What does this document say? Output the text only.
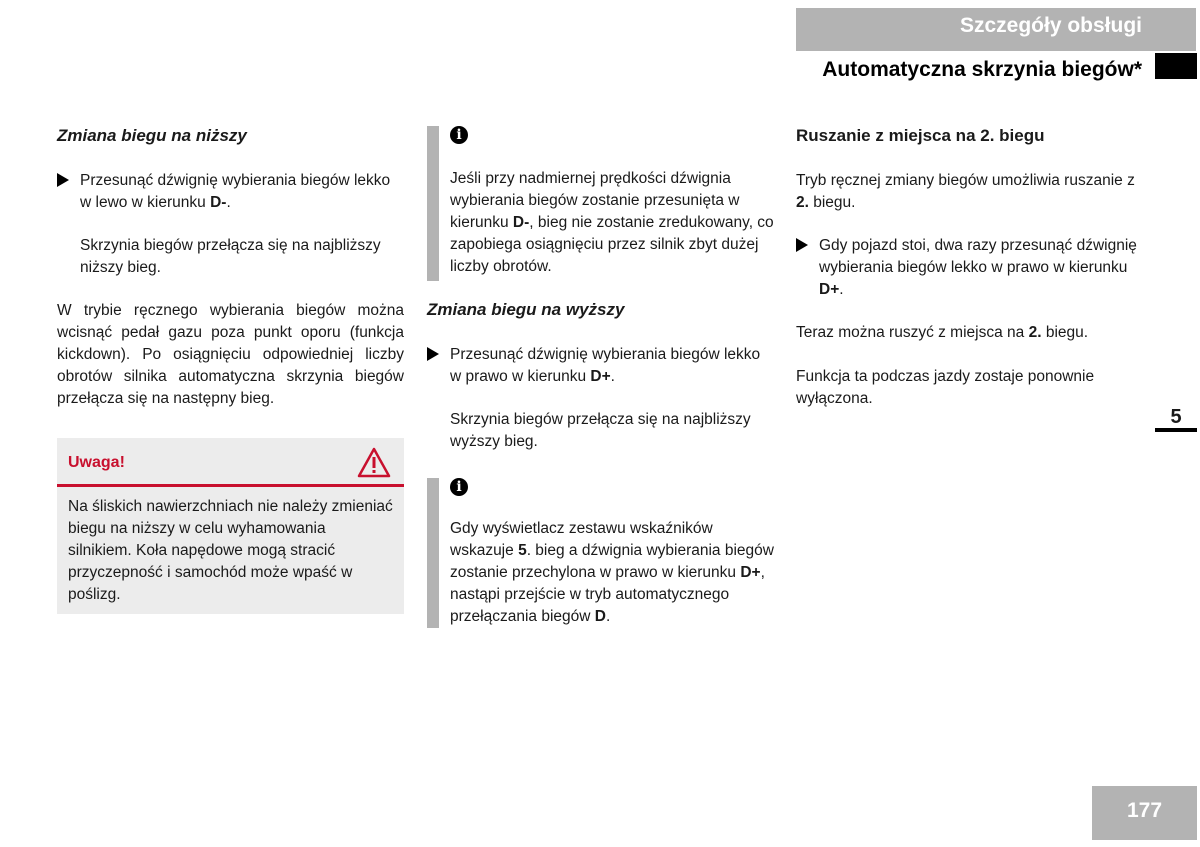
Szczegóły obsługi
Automatyczna skrzynia biegów*
Zmiana biegu na niższy
Przesunąć dźwignię wybierania biegów lekko w lewo w kierunku D-.

Skrzynia biegów przełącza się na najbliższy niższy bieg.

W trybie ręcznego wybierania biegów można wcisnąć pedał gazu poza punkt oporu (funkcja kickdown). Po osiągnięciu odpowiedniej liczby obrotów silnika automatyczna skrzynia biegów przełącza się na następny bieg.

Uwaga!

Na śliskich nawierzchniach nie należy zmieniać biegu na niższy w celu wyhamowania silnikiem. Koła napędowe mogą stracić przyczepność i samochód może wpaść w poślizg.

i

Jeśli przy nadmiernej prędkości dźwignia wybierania biegów zostanie przesunięta w kierunku D-, bieg nie zostanie zredukowany, co zapobiega osiągnięciu przez silnik zbyt dużej liczby obrotów.

Zmiana biegu na wyższy
Przesunąć dźwignię wybierania biegów lekko w prawo w kierunku D+.

Skrzynia biegów przełącza się na najbliższy wyższy bieg.

i

Gdy wyświetlacz zestawu wskaźników wskazuje 5. bieg a dźwignia wybierania biegów zostanie przechylona w prawo w kierunku D+, nastąpi przejście w tryb automatycznego przełączania biegów D.

Ruszanie z miejsca na 2. biegu

Tryb ręcznej zmiany biegów umożliwia ruszanie z 2. biegu.

Gdy pojazd stoi, dwa razy przesunąć dźwignię wybierania biegów lekko w prawo w kierunku D+.

Teraz można ruszyć z miejsca na 2. biegu.

Funkcja ta podczas jazdy zostaje ponownie wyłączona.

5
177
